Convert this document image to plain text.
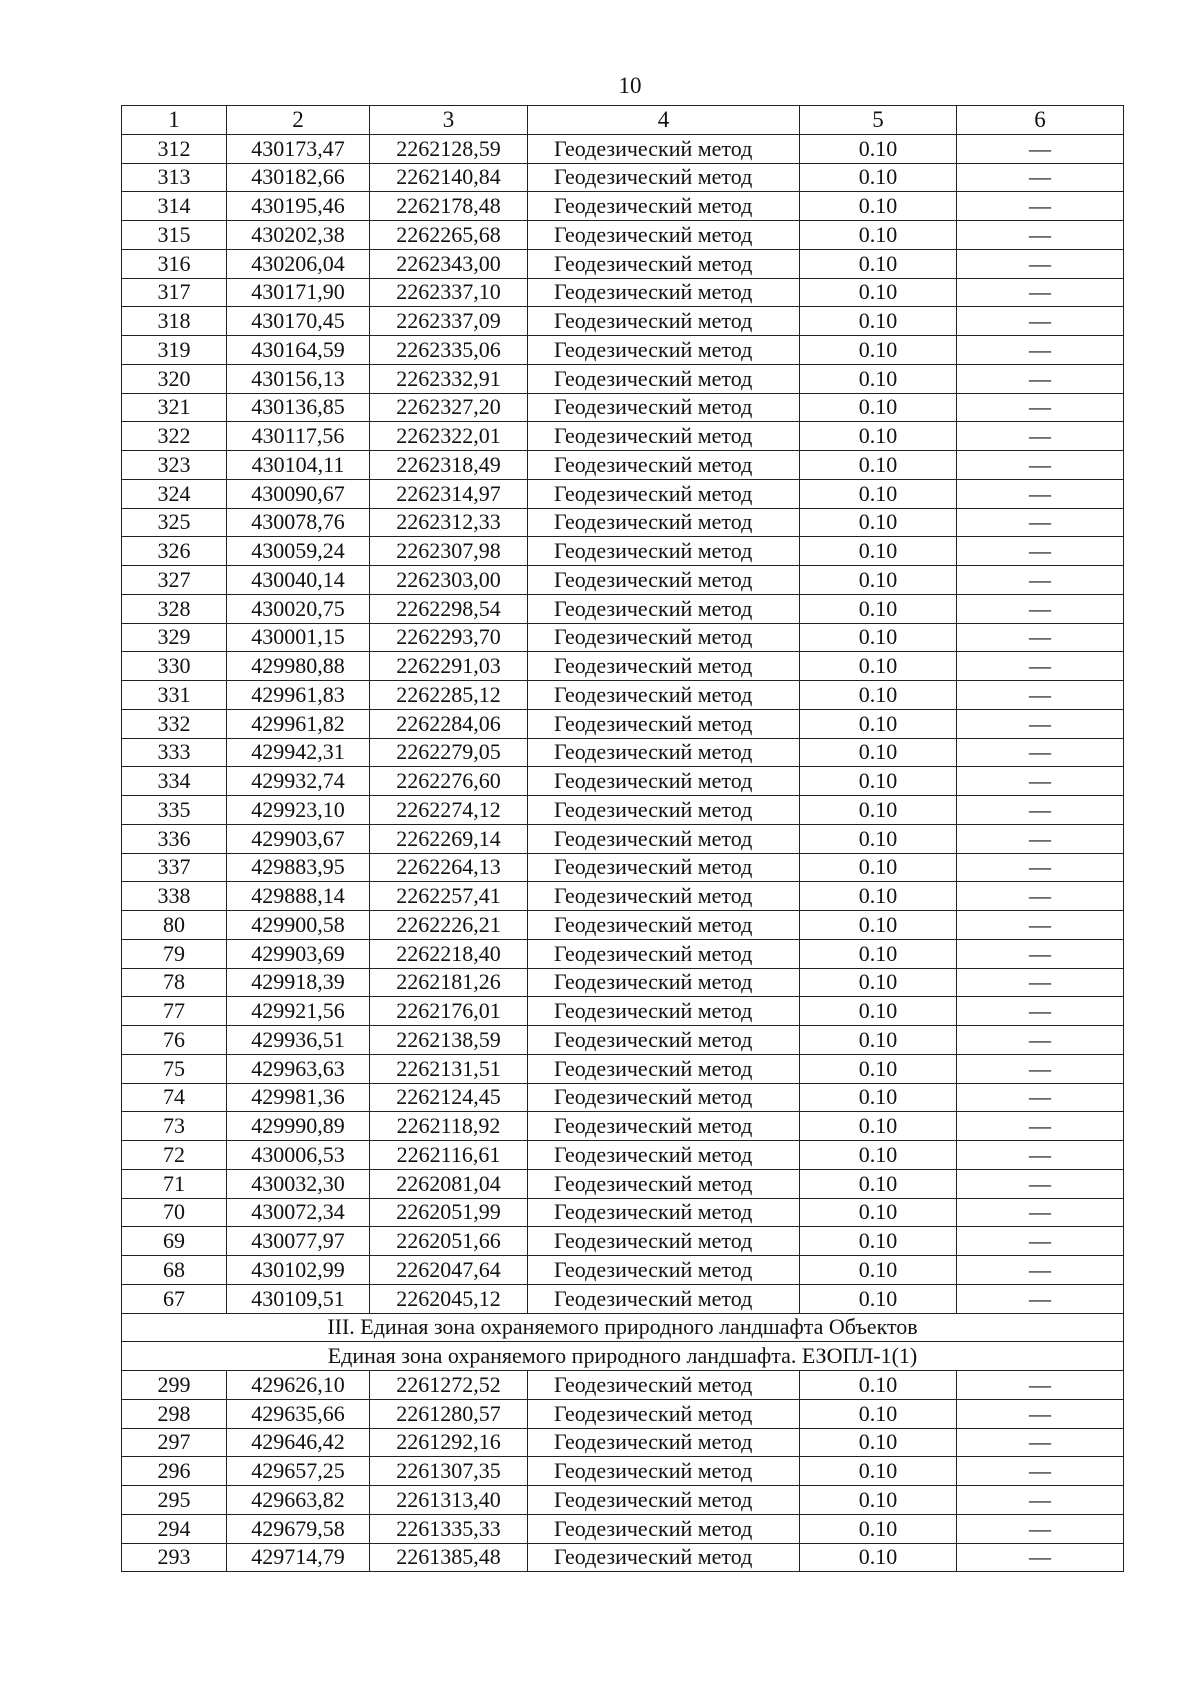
10
1	2	3	4	5	6
312	430173,47	2262128,59	Геодезический метод	0.10	—
313	430182,66	2262140,84	Геодезический метод	0.10	—
314	430195,46	2262178,48	Геодезический метод	0.10	—
315	430202,38	2262265,68	Геодезический метод	0.10	—
316	430206,04	2262343,00	Геодезический метод	0.10	—
317	430171,90	2262337,10	Геодезический метод	0.10	—
318	430170,45	2262337,09	Геодезический метод	0.10	—
319	430164,59	2262335,06	Геодезический метод	0.10	—
320	430156,13	2262332,91	Геодезический метод	0.10	—
321	430136,85	2262327,20	Геодезический метод	0.10	—
322	430117,56	2262322,01	Геодезический метод	0.10	—
323	430104,11	2262318,49	Геодезический метод	0.10	—
324	430090,67	2262314,97	Геодезический метод	0.10	—
325	430078,76	2262312,33	Геодезический метод	0.10	—
326	430059,24	2262307,98	Геодезический метод	0.10	—
327	430040,14	2262303,00	Геодезический метод	0.10	—
328	430020,75	2262298,54	Геодезический метод	0.10	—
329	430001,15	2262293,70	Геодезический метод	0.10	—
330	429980,88	2262291,03	Геодезический метод	0.10	—
331	429961,83	2262285,12	Геодезический метод	0.10	—
332	429961,82	2262284,06	Геодезический метод	0.10	—
333	429942,31	2262279,05	Геодезический метод	0.10	—
334	429932,74	2262276,60	Геодезический метод	0.10	—
335	429923,10	2262274,12	Геодезический метод	0.10	—
336	429903,67	2262269,14	Геодезический метод	0.10	—
337	429883,95	2262264,13	Геодезический метод	0.10	—
338	429888,14	2262257,41	Геодезический метод	0.10	—
80	429900,58	2262226,21	Геодезический метод	0.10	—
79	429903,69	2262218,40	Геодезический метод	0.10	—
78	429918,39	2262181,26	Геодезический метод	0.10	—
77	429921,56	2262176,01	Геодезический метод	0.10	—
76	429936,51	2262138,59	Геодезический метод	0.10	—
75	429963,63	2262131,51	Геодезический метод	0.10	—
74	429981,36	2262124,45	Геодезический метод	0.10	—
73	429990,89	2262118,92	Геодезический метод	0.10	—
72	430006,53	2262116,61	Геодезический метод	0.10	—
71	430032,30	2262081,04	Геодезический метод	0.10	—
70	430072,34	2262051,99	Геодезический метод	0.10	—
69	430077,97	2262051,66	Геодезический метод	0.10	—
68	430102,99	2262047,64	Геодезический метод	0.10	—
67	430109,51	2262045,12	Геодезический метод	0.10	—
III. Единая зона охраняемого природного ландшафта Объектов					
Единая зона охраняемого природного ландшафта. ЕЗОПЛ-1(1)					
299	429626,10	2261272,52	Геодезический метод	0.10	—
298	429635,66	2261280,57	Геодезический метод	0.10	—
297	429646,42	2261292,16	Геодезический метод	0.10	—
296	429657,25	2261307,35	Геодезический метод	0.10	—
295	429663,82	2261313,40	Геодезический метод	0.10	—
294	429679,58	2261335,33	Геодезический метод	0.10	—
293	429714,79	2261385,48	Геодезический метод	0.10	—
